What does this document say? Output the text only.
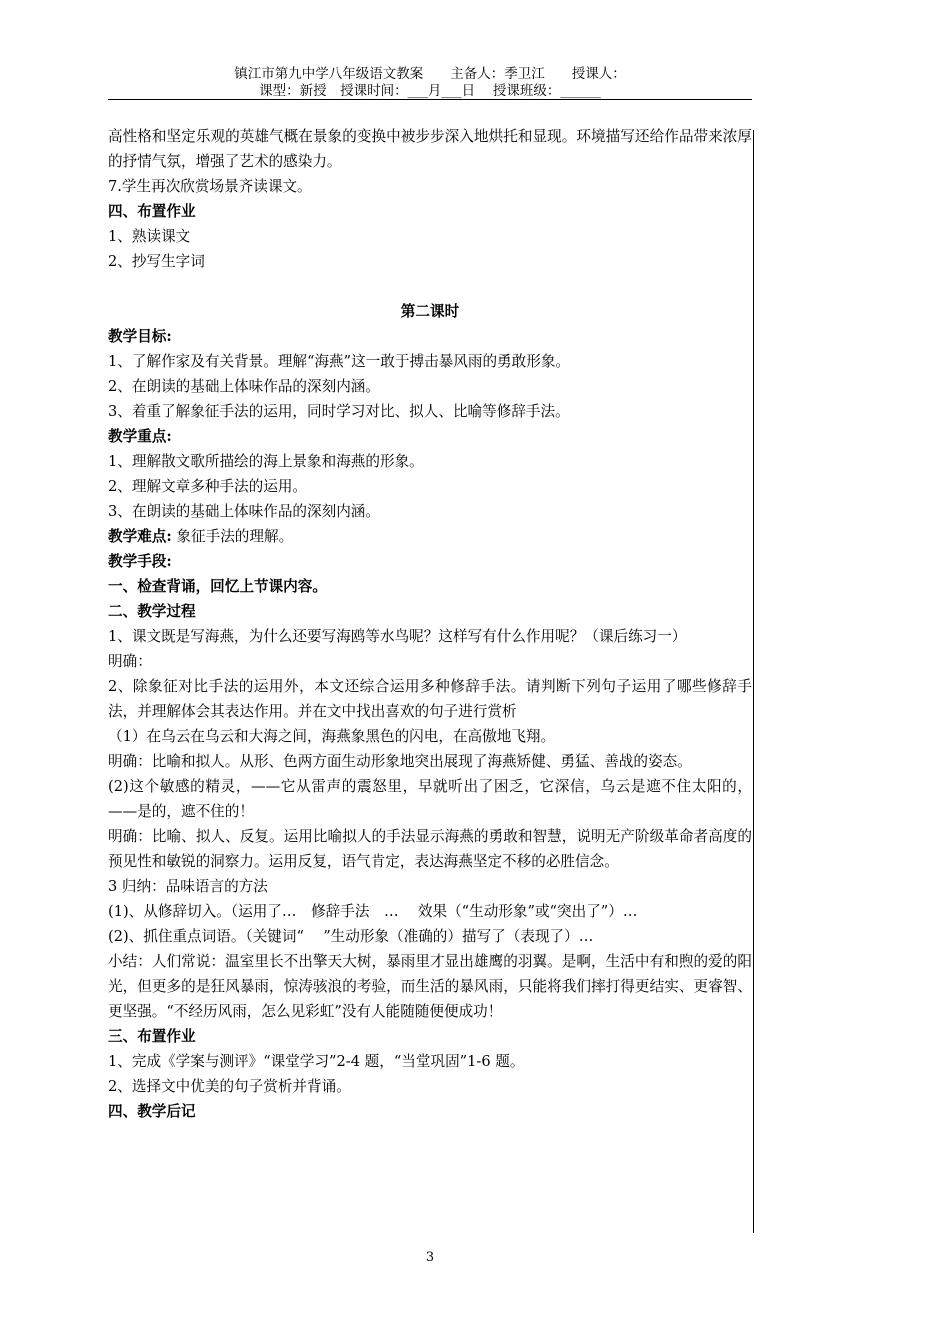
镇江市第九中学八年级语文教案　　主备人：季卫江　　授课人：
课型：新授　授课时间：___月___日　 授课班级：______

高性格和坚定乐观的英雄气概在景象的变换中被步步深入地烘托和显现。环境描写还给作品带来浓厚的抒情气氛，增强了艺术的感染力。

7.学生再次欣赏场景齐读课文。

四、布置作业

1、熟读课文

2、抄写生字词

第二课时

教学目标:

1、了解作家及有关背景。理解“海燕”这一敢于搏击暴风雨的勇敢形象。

2、在朗读的基础上体味作品的深刻内涵。

3、着重了解象征手法的运用，同时学习对比、拟人、比喻等修辞手法。

教学重点:

1、理解散文歌所描绘的海上景象和海燕的形象。

2、理解文章多种手法的运用。

3、在朗读的基础上体味作品的深刻内涵。

教学难点: 象征手法的理解。

教学手段:

一、检查背诵，回忆上节课内容。

二、教学过程

1、课文既是写海燕，为什么还要写海鸥等水鸟呢？这样写有什么作用呢？（课后练习一）

明确：

2、除象征对比手法的运用外，本文还综合运用多种修辞手法。请判断下列句子运用了哪些修辞手法，并理解体会其表达作用。并在文中找出喜欢的句子进行赏析

（1）在乌云在乌云和大海之间，海燕象黑色的闪电，在高傲地飞翔。

明确：比喻和拟人。从形、色两方面生动形象地突出展现了海燕矫健、勇猛、善战的姿态。

(2)这个敏感的精灵，——它从雷声的震怒里，早就听出了困乏，它深信，乌云是遮不住太阳的，——是的，遮不住的！

明确：比喻、拟人、反复。运用比喻拟人的手法显示海燕的勇敢和智慧，说明无产阶级革命者高度的预见性和敏锐的洞察力。运用反复，语气肯定，表达海燕坚定不移的必胜信念。

3 归纳：品味语言的方法

(1)、从修辞切入。（运用了…　修辞手法　…　 效果（“生动形象”或“突出了”）…

(2)、抓住重点词语。（关键词“　 ”生动形象（准确的）描写了（表现了）…

小结：人们常说：温室里长不出擎天大树，暴雨里才显出雄鹰的羽翼。是啊，生活中有和煦的爱的阳光，但更多的是狂风暴雨，惊涛骇浪的考验，而生活的暴风雨，只能将我们摔打得更结实、更睿智、更坚强。“不经历风雨，怎么见彩虹”没有人能随随便便成功！

三、布置作业

1、完成《学案与测评》“课堂学习”2-4 题，“当堂巩固”1-6 题。

2、选择文中优美的句子赏析并背诵。

四、教学后记

3
